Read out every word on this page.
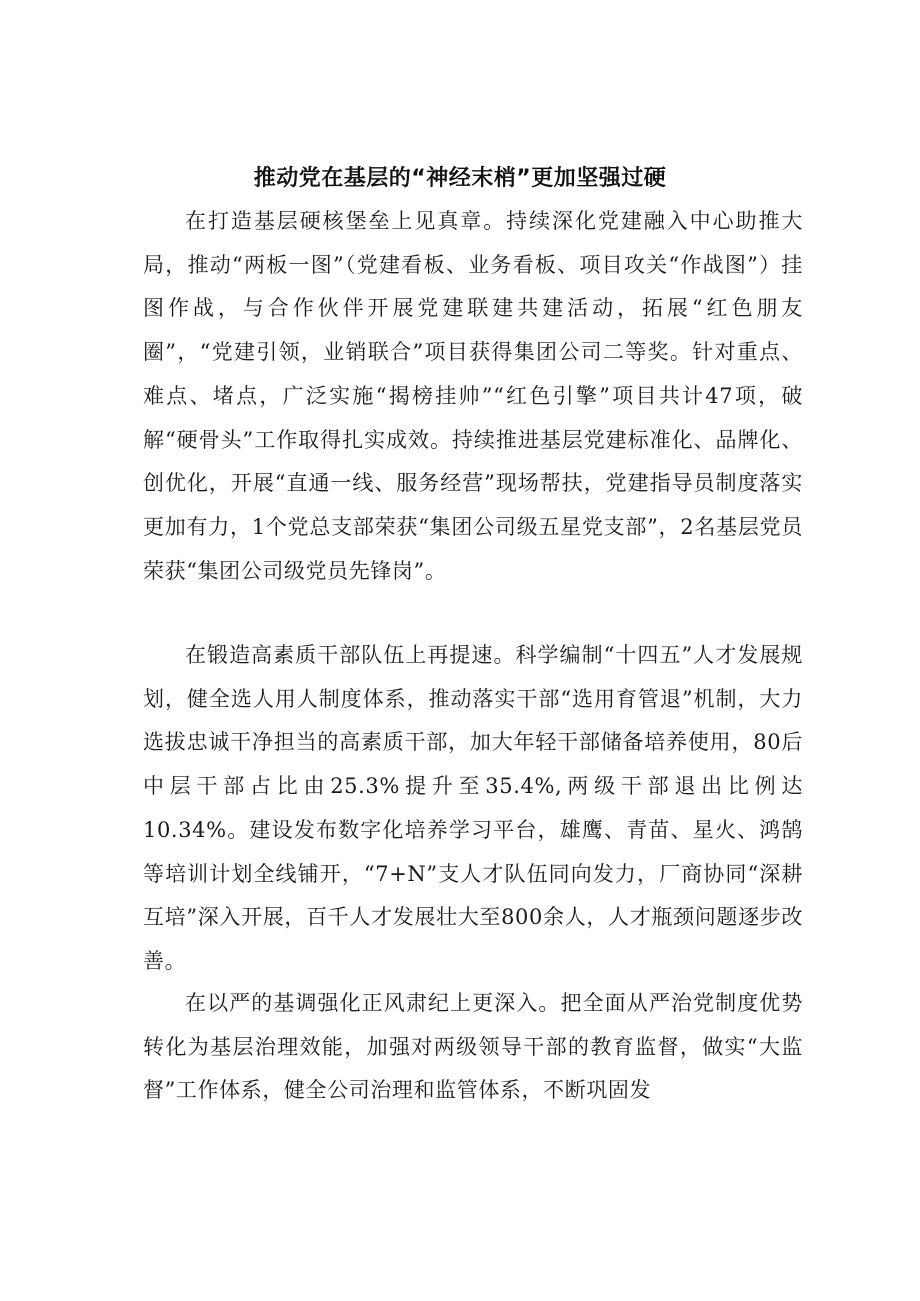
推动党在基层的“神经末梢”更加坚强过硬

在打造基层硬核堡垒上见真章。持续深化党建融入中心助推大局，推动“两板一图”（党建看板、业务看板、项目攻关“作战图”）挂图作战，与合作伙伴开展党建联建共建活动，拓展“红色朋友圈”，“党建引领，业销联合”项目获得集团公司二等奖。针对重点、难点、堵点，广泛实施“揭榜挂帅”“红色引擎”项目共计47项，破解“硬骨头”工作取得扎实成效。持续推进基层党建标准化、品牌化、创优化，开展“直通一线、服务经营”现场帮扶，党建指导员制度落实更加有力，1个党总支部荣获“集团公司级五星党支部”，2名基层党员荣获“集团公司级党员先锋岗”。

在锻造高素质干部队伍上再提速。科学编制“十四五”人才发展规划，健全选人用人制度体系，推动落实干部“选用育管退”机制，大力选拔忠诚干净担当的高素质干部，加大年轻干部储备培养使用，80后中层干部占比由25.3%提升至35.4%,两级干部退出比例达10.34%。建设发布数字化培养学习平台，雄鹰、青苗、星火、鸿鹄等培训计划全线铺开，“7+N”支人才队伍同向发力，厂商协同“深耕互培”深入开展，百千人才发展壮大至800余人，人才瓶颈问题逐步改善。

在以严的基调强化正风肃纪上更深入。把全面从严治党制度优势转化为基层治理效能，加强对两级领导干部的教育监督，做实“大监督”工作体系，健全公司治理和监管体系，不断巩固发
